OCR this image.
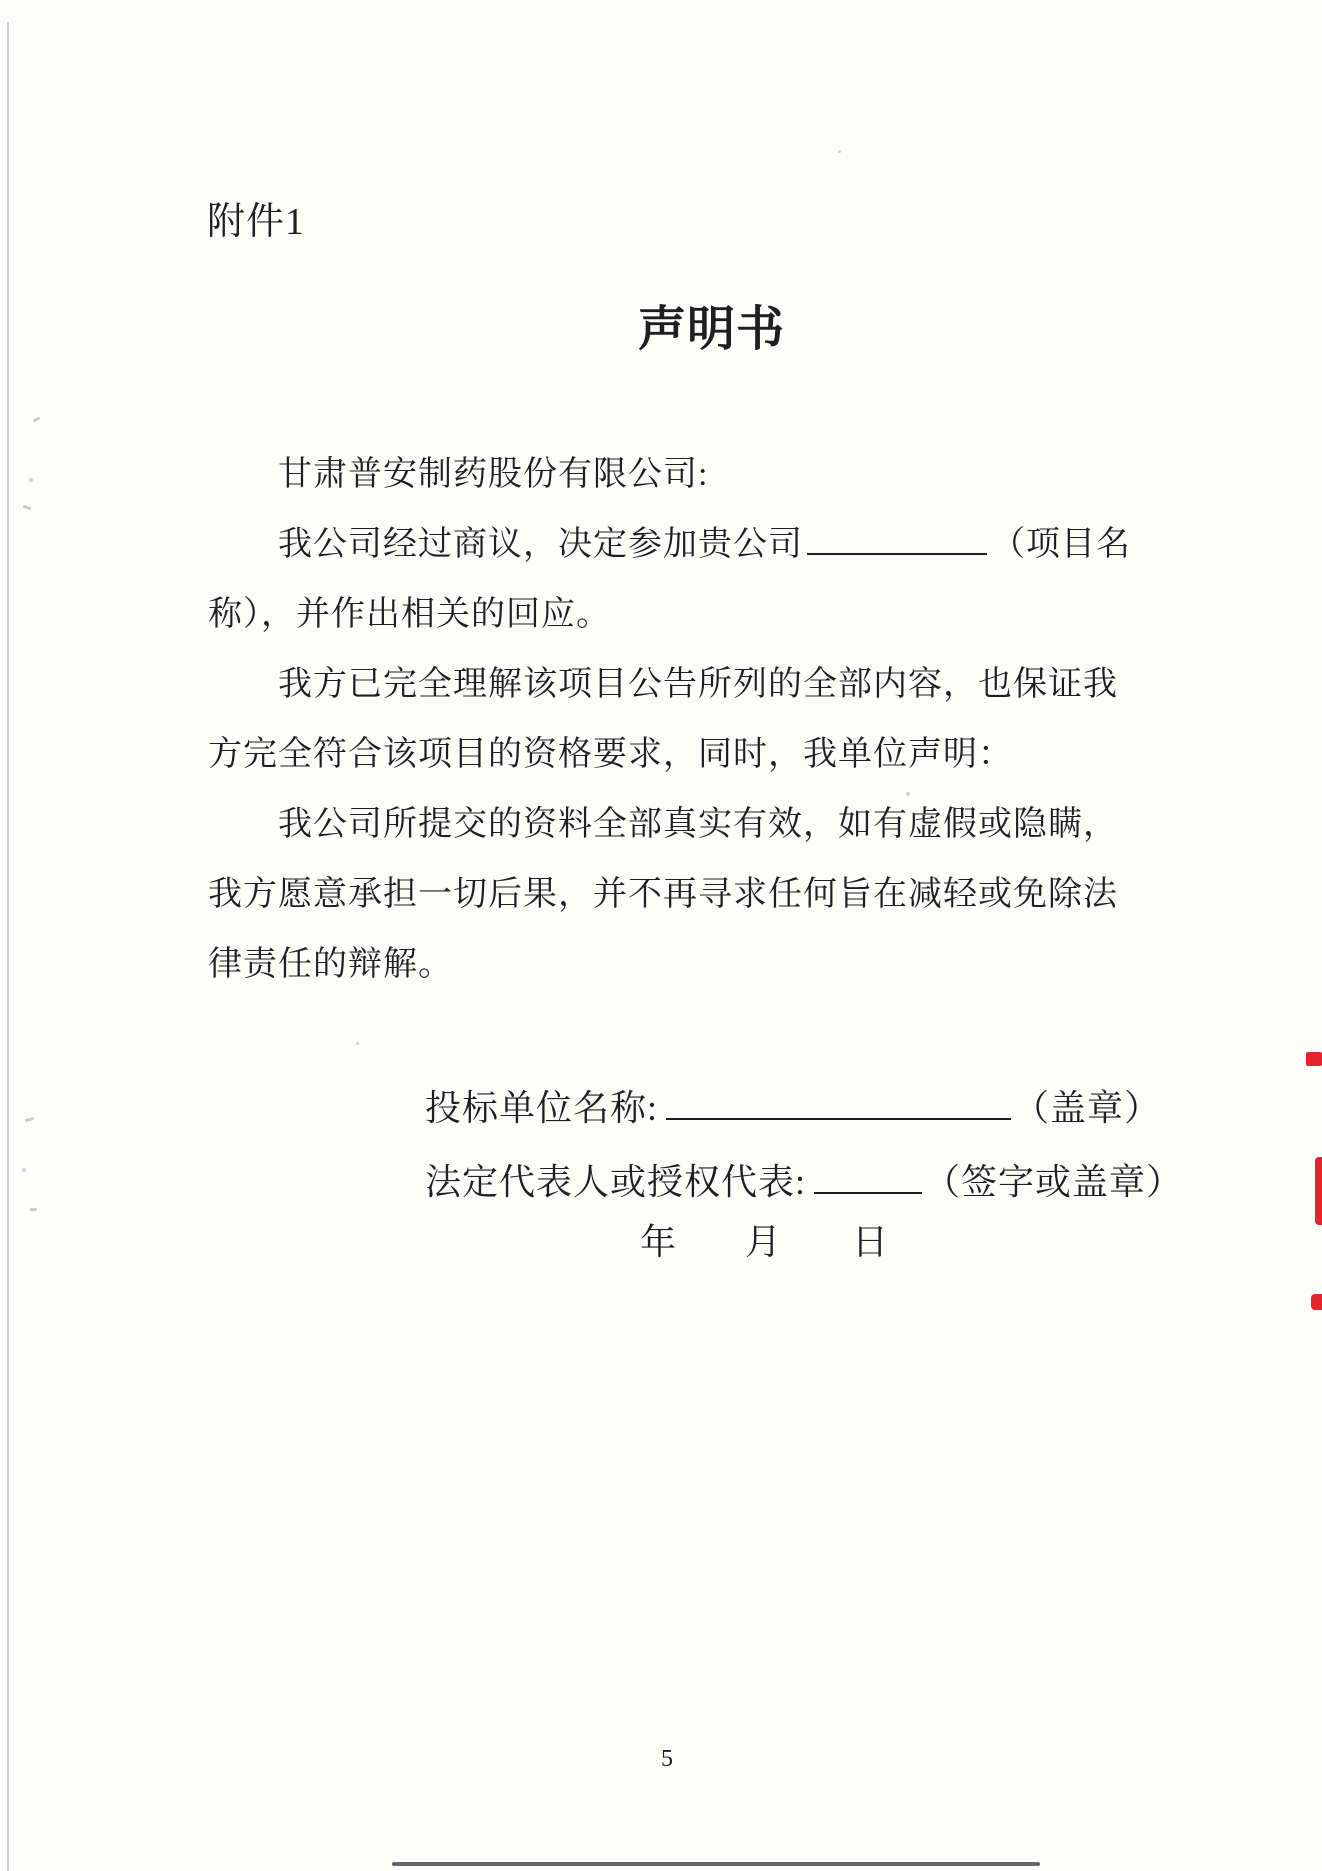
附件1
声明书
甘肃普安制药股份有限公司:
我公司经过商议，决定参加贵公司	（项目名
称），并作出相关的回应。
我方已完全理解该项目公告所列的全部内容，也保证我
方完全符合该项目的资格要求，同时，我单位声明：
我公司所提交的资料全部真实有效，如有虚假或隐瞒，
我方愿意承担一切后果，并不再寻求任何旨在减轻或免除法
律责任的辩解。
投标单位名称:	（盖章）
法定代表人或授权代表:	（签字或盖章）
年 月 日
5
